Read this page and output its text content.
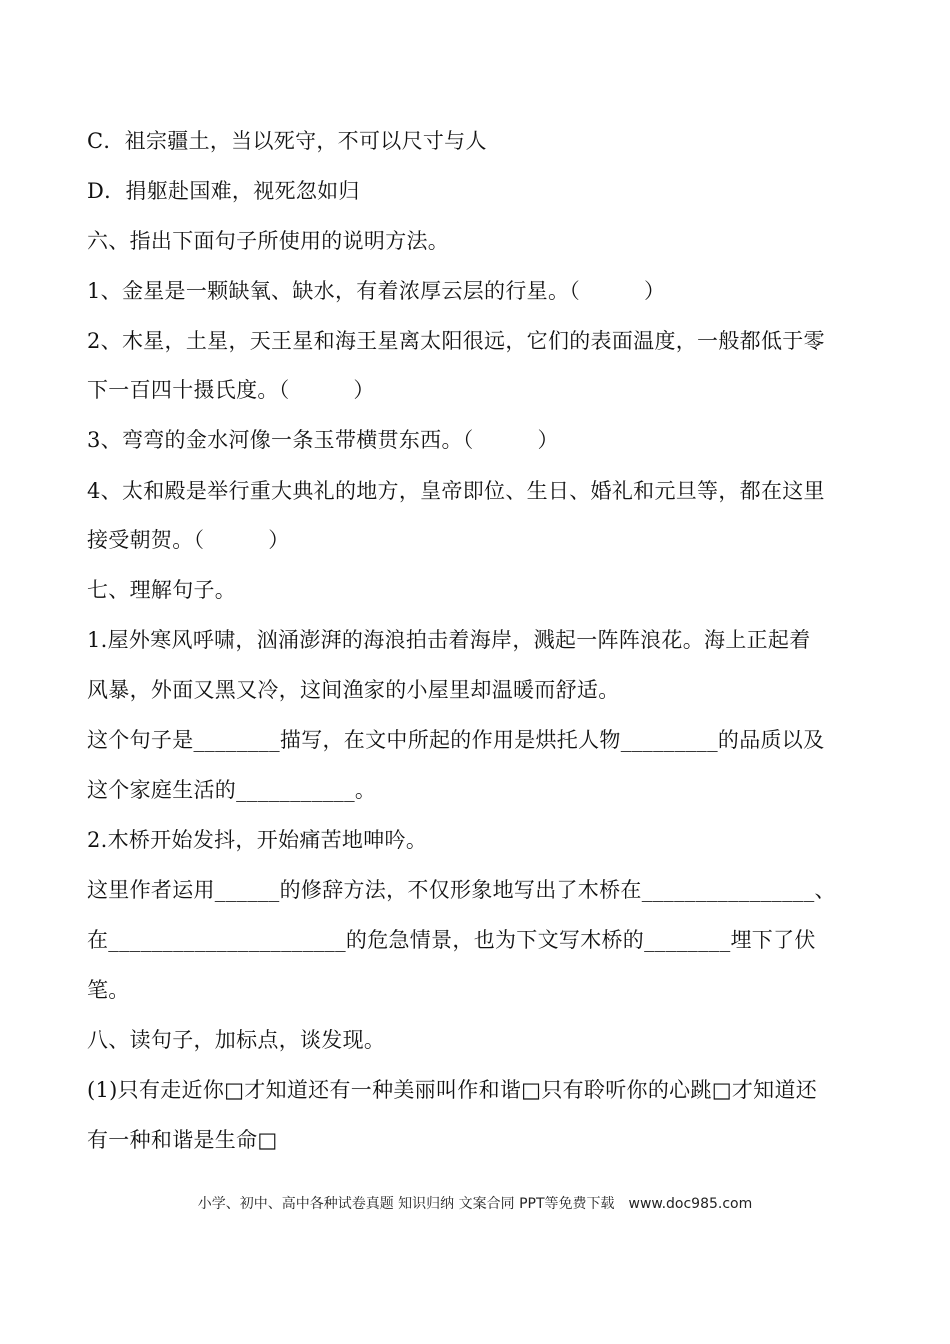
C．祖宗疆土，当以死守，不可以尺寸与人
D．捐躯赴国难，视死忽如归
六、指出下面句子所使用的说明方法。
1、金星是一颗缺氧、缺水，有着浓厚云层的行星。（　　　）
2、木星，土星，天王星和海王星离太阳很远，它们的表面温度，一般都低于零
下一百四十摄氏度。（　　　）
3、弯弯的金水河像一条玉带横贯东西。（　　　）
4、太和殿是举行重大典礼的地方，皇帝即位、生日、婚礼和元旦等，都在这里
接受朝贺。（　　　）
七、理解句子。
1.屋外寒风呼啸，汹涌澎湃的海浪拍击着海岸，溅起一阵阵浪花。海上正起着
风暴，外面又黑又冷，这间渔家的小屋里却温暖而舒适。
这个句子是________描写，在文中所起的作用是烘托人物_________的品质以及
这个家庭生活的___________。
2.木桥开始发抖，开始痛苦地呻吟。
这里作者运用______的修辞方法，不仅形象地写出了木桥在________________、
在______________________的危急情景，也为下文写木桥的________埋下了伏
笔。
八、读句子，加标点，谈发现。
(1)只有走近你□才知道还有一种美丽叫作和谐□只有聆听你的心跳□才知道还
有一种和谐是生命□
小学、初中、高中各种试卷真题 知识归纳 文案合同 PPT等免费下载　www.doc985.com
